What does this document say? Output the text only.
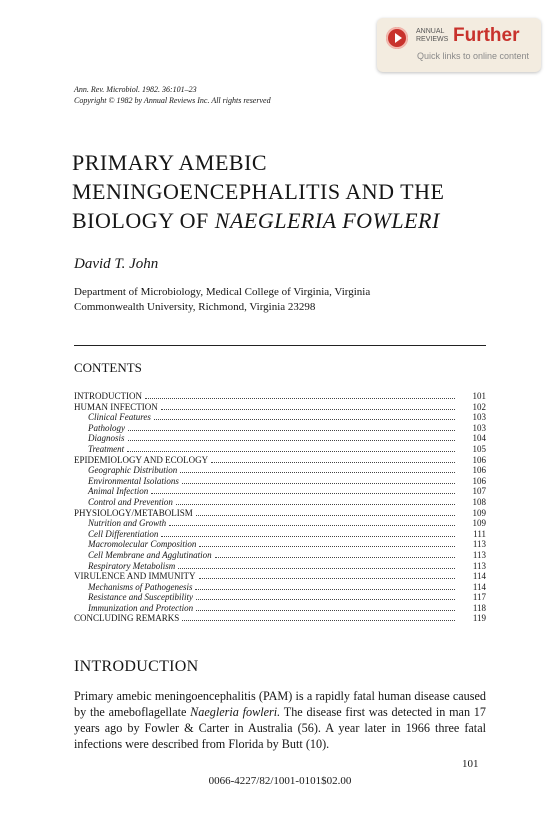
ANNUAL
REVIEWS Further
Quick links to online content
Ann. Rev. Microbiol. 1982. 36:101–23
Copyright © 1982 by Annual Reviews Inc. All rights reserved
PRIMARY AMEBIC
MENINGOENCEPHALITIS AND THE
BIOLOGY OF NAEGLERIA FOWLERI
David T. John
Department of Microbiology, Medical College of Virginia, Virginia
Commonwealth University, Richmond, Virginia 23298
CONTENTS
INTRODUCTION	101
HUMAN INFECTION	102
Clinical Features	103
Pathology	103
Diagnosis	104
Treatment	105
EPIDEMIOLOGY AND ECOLOGY	106
Geographic Distribution	106
Environmental Isolations	106
Animal Infection	107
Control and Prevention	108
PHYSIOLOGY/METABOLISM	109
Nutrition and Growth	109
Cell Differentiation	111
Macromolecular Composition	113
Cell Membrane and Agglutination	113
Respiratory Metabolism	113
VIRULENCE AND IMMUNITY	114
Mechanisms of Pathogenesis	114
Resistance and Susceptibility	117
Immunization and Protection	118
CONCLUDING REMARKS	119
INTRODUCTION

Primary amebic meningoencephalitis (PAM) is a rapidly fatal human disease caused by the ameboflagellate Naegleria fowleri. The disease first was detected in man 17 years ago by Fowler & Carter in Australia (56). A year later in 1966 three fatal infections were described from Florida by Butt (10).

101
0066-4227/82/1001-0101$02.00
